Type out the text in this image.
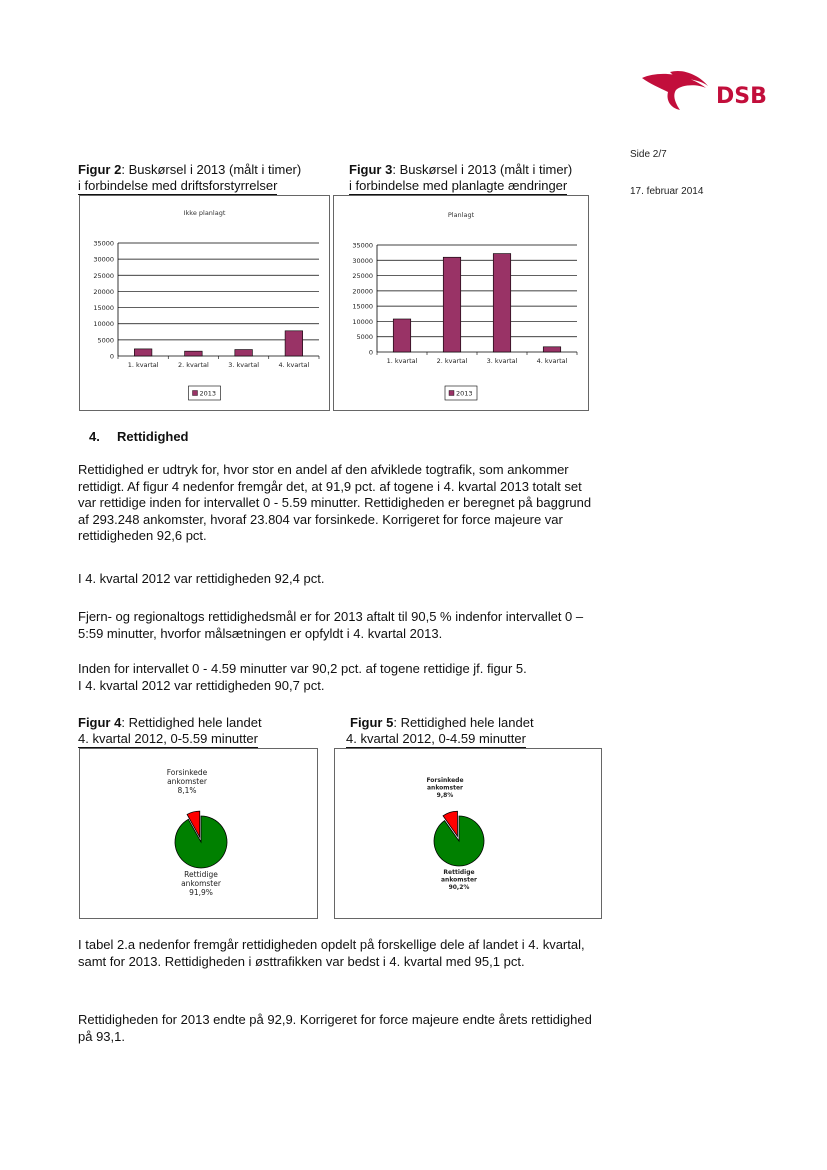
DSB
Side 2/7
17. februar 2014
Figur 2: Buskørsel i 2013 (målt i timer)
i forbindelse med driftsforstyrrelser
Figur 3: Buskørsel i 2013 (målt i timer)
i forbindelse med planlagte ændringer
Ikke planlagt
0
5000
10000
15000
20000
25000
30000
35000
1. kvartal	2. kvartal	3. kvartal	4. kvartal
2013
Planlagt
0
5000
10000
15000
20000
25000
30000
35000
1. kvartal	2. kvartal	3. kvartal	4. kvartal
2013
4. Rettidighed

Rettidighed er udtryk for, hvor stor en andel af den afviklede togtrafik, som ankommer rettidigt. Af figur 4 nedenfor fremgår det, at 91,9 pct. af togene i 4. kvartal 2013 totalt set var rettidige inden for intervallet 0 - 5.59 minutter. Rettidigheden er beregnet på baggrund af 293.248 ankomster, hvoraf 23.804 var forsinkede. Korrigeret for force majeure var rettidigheden 92,6 pct.

I 4. kvartal 2012 var rettidigheden 92,4 pct.

Fjern- og regionaltogs rettidighedsmål er for 2013 aftalt til 90,5 % indenfor intervallet 0 – 5:59 minutter, hvorfor målsætningen er opfyldt i 4. kvartal 2013.

Inden for intervallet 0 - 4.59 minutter var 90,2 pct. af togene rettidige jf. figur 5.

I 4. kvartal 2012 var rettidigheden 90,7 pct.

Figur 4: Rettidighed hele landet
4. kvartal 2012, 0-5.59 minutter
Figur 5: Rettidighed hele landet
4. kvartal 2012, 0-4.59 minutter
Forsinkede
ankomster
8,1%
Rettidige
ankomster
91,9%
Forsinkede
ankomster
9,8%
Rettidige
ankomster
90,2%

I tabel 2.a nedenfor fremgår rettidigheden opdelt på forskellige dele af landet i 4. kvartal, samt for 2013. Rettidigheden i østtrafikken var bedst i 4. kvartal med 95,1 pct.

Rettidigheden for 2013 endte på 92,9. Korrigeret for force majeure endte årets rettidighed på 93,1.
